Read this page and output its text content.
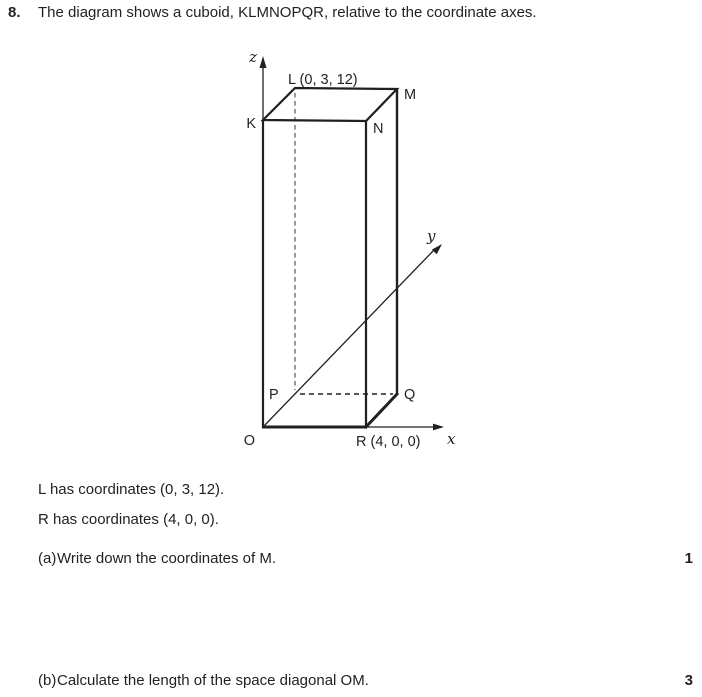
8. The diagram shows a cuboid, KLMNOPQR, relative to the coordinate axes.
z
y
x
K
L (0, 3, 12)
M
N
O
P	Q
R (4, 0, 0)
L has coordinates (0, 3, 12).
R has coordinates (4, 0, 0).
(a)Write down the coordinates of M.	1
(b)Calculate the length of the space diagonal OM.	3
